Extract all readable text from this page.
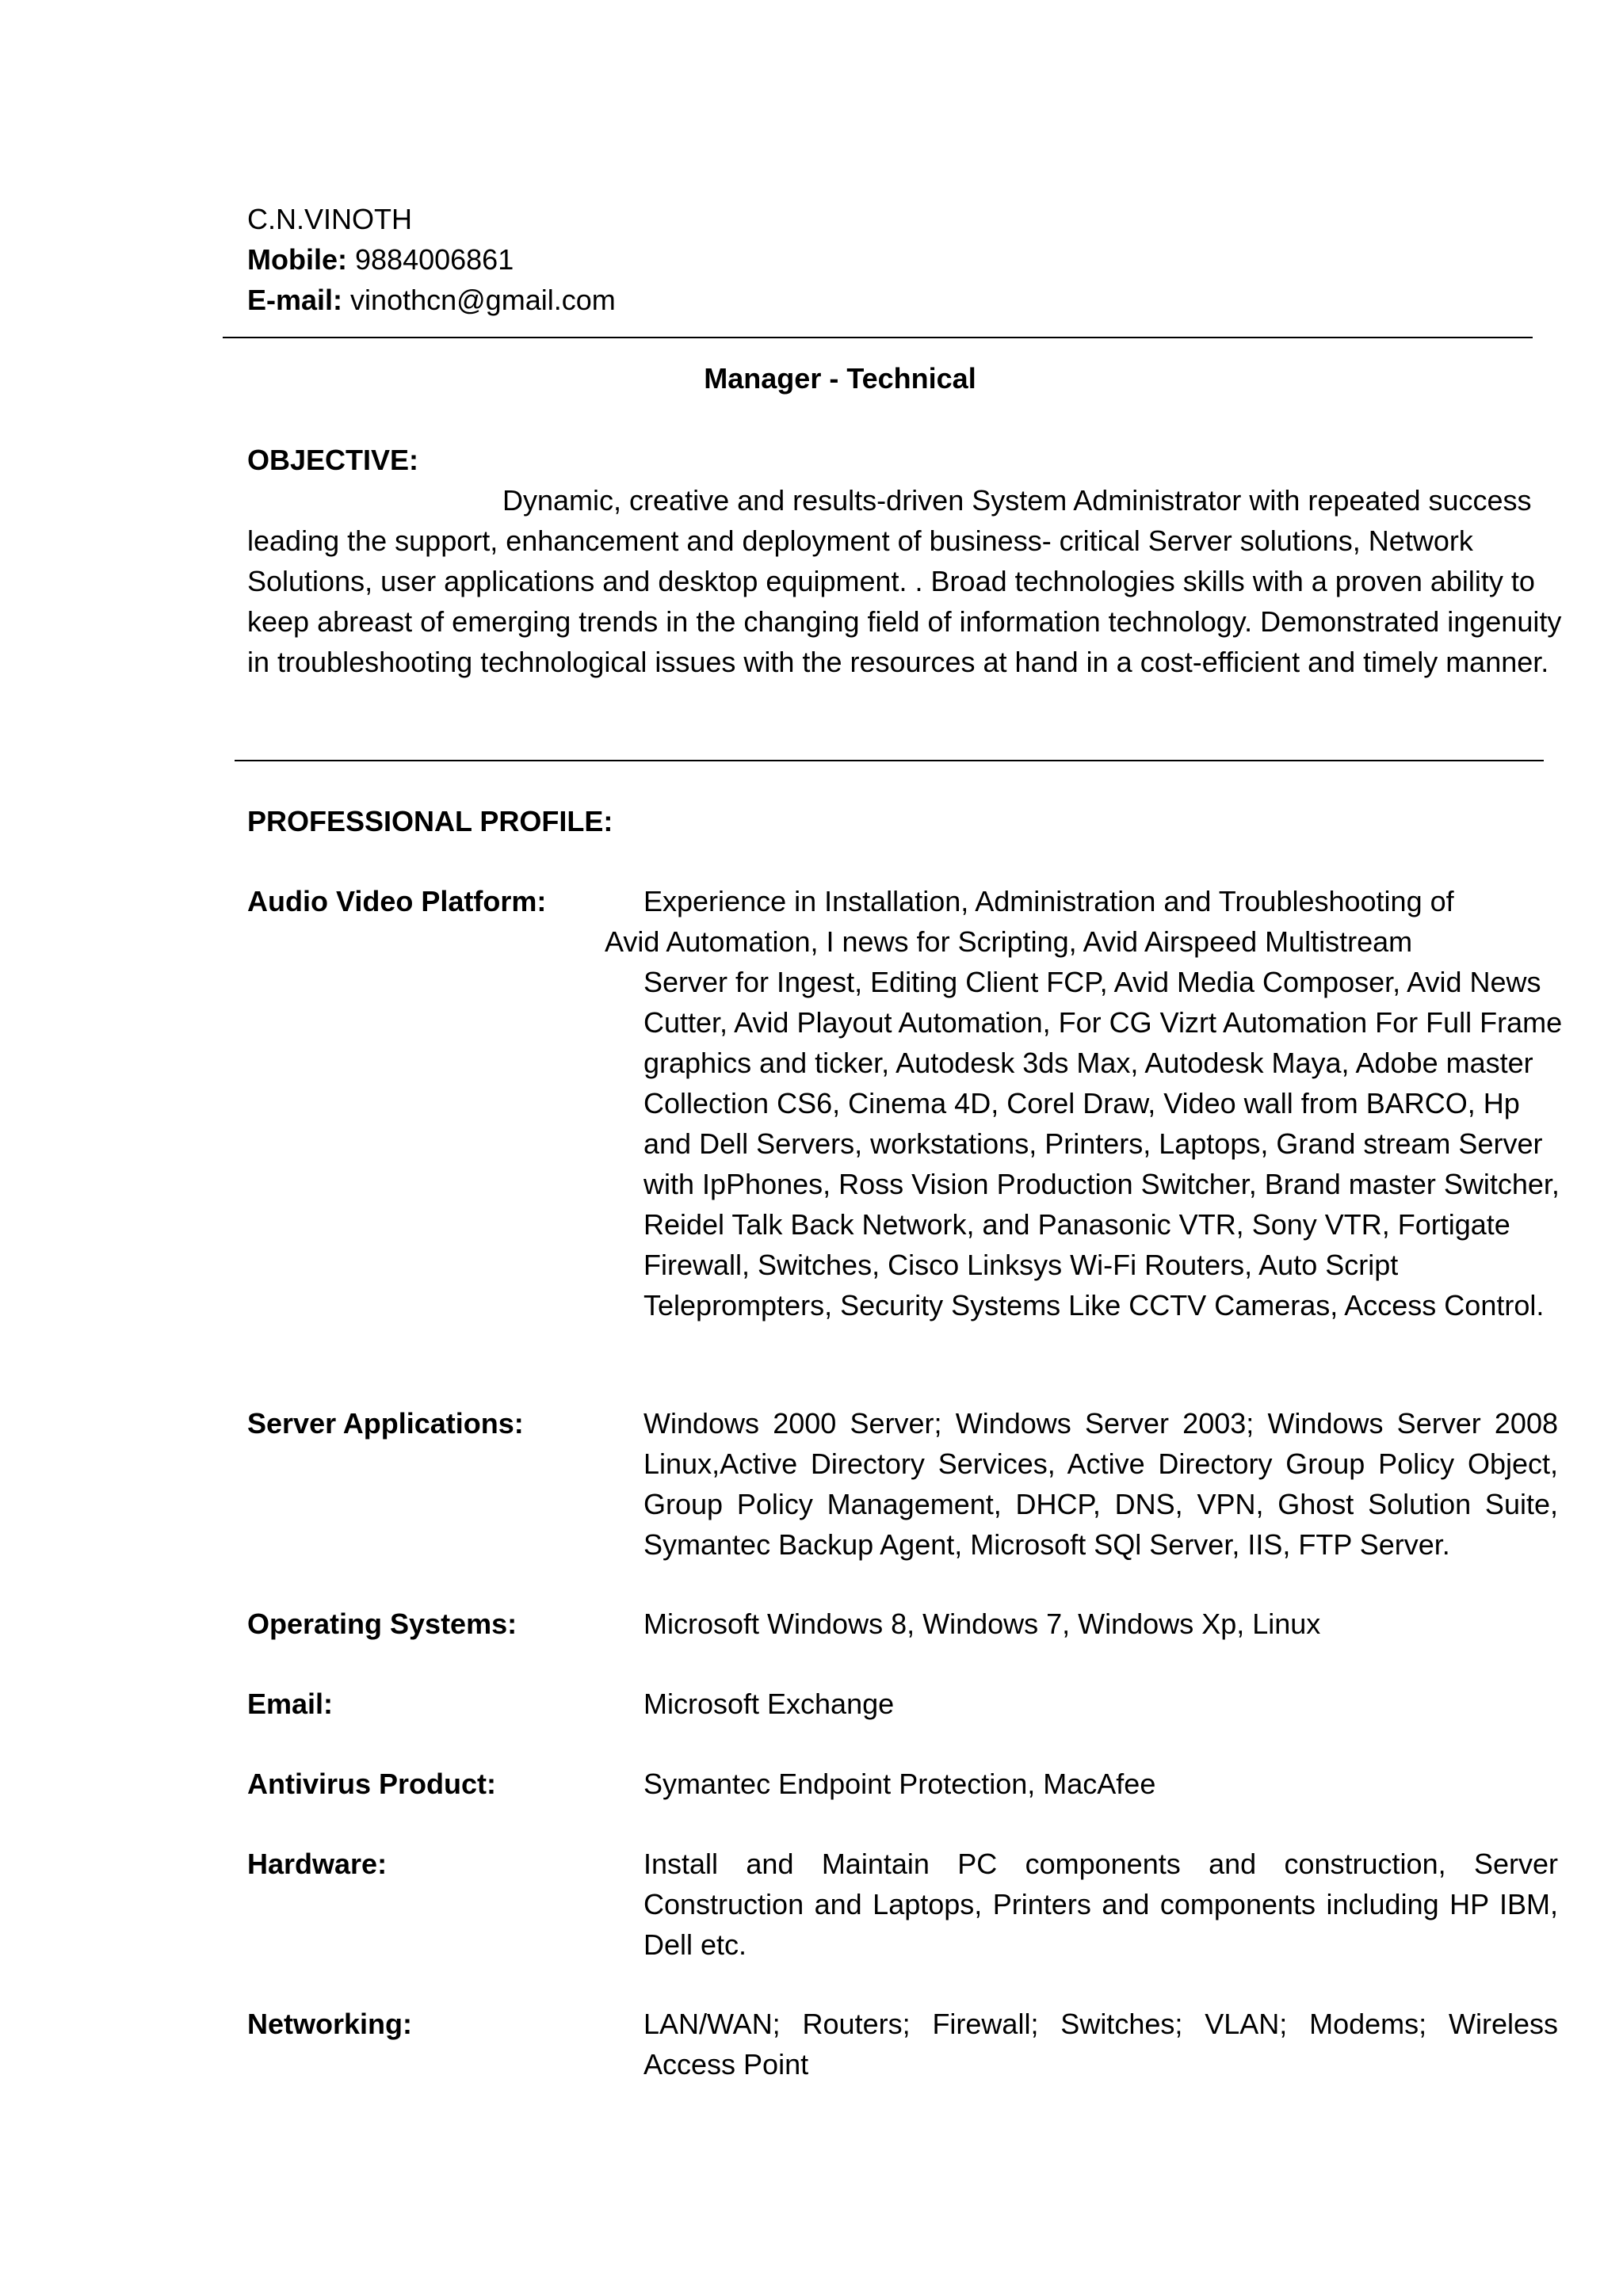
C.N.VINOTH
Mobile: 9884006861
E-mail: vinothcn@gmail.com
Manager - Technical
OBJECTIVE:
Dynamic, creative and results-driven System Administrator with repeated success leading the support, enhancement and deployment of business- critical Server solutions, Network Solutions, user applications and desktop equipment. . Broad technologies skills with a proven ability to keep abreast of emerging trends in the changing field of information technology. Demonstrated ingenuity in troubleshooting technological issues with the resources at hand in a cost-efficient and timely manner.
PROFESSIONAL PROFILE:
Audio Video Platform:	Experience in Installation, Administration and Troubleshooting of
Avid Automation, I news for Scripting, Avid Airspeed Multistream
Server for Ingest, Editing Client FCP, Avid Media Composer, Avid News Cutter, Avid Playout Automation, For CG Vizrt Automation For Full Frame graphics and ticker, Autodesk 3ds Max, Autodesk Maya, Adobe master Collection CS6, Cinema 4D, Corel Draw, Video wall from BARCO, Hp and Dell Servers, workstations, Printers, Laptops, Grand stream Server with IpPhones, Ross Vision Production Switcher, Brand master Switcher, Reidel Talk Back Network, and Panasonic VTR, Sony VTR, Fortigate Firewall, Switches, Cisco Linksys Wi-Fi Routers, Auto Script Teleprompters, Security Systems Like CCTV Cameras, Access Control.
Server Applications:	Windows 2000 Server; Windows Server 2003; Windows Server 2008 Linux,Active Directory Services, Active Directory Group Policy Object, Group Policy Management, DHCP, DNS, VPN, Ghost Solution Suite, Symantec Backup Agent, Microsoft SQl Server, IIS, FTP Server.
Operating Systems:	Microsoft Windows 8, Windows 7, Windows Xp, Linux
Email:	Microsoft Exchange
Antivirus Product:	Symantec Endpoint Protection, MacAfee
Hardware:	Install and Maintain PC components and construction, Server Construction and Laptops, Printers and components including HP IBM, Dell etc.
Networking:	LAN/WAN; Routers; Firewall; Switches; VLAN; Modems; Wireless Access Point
